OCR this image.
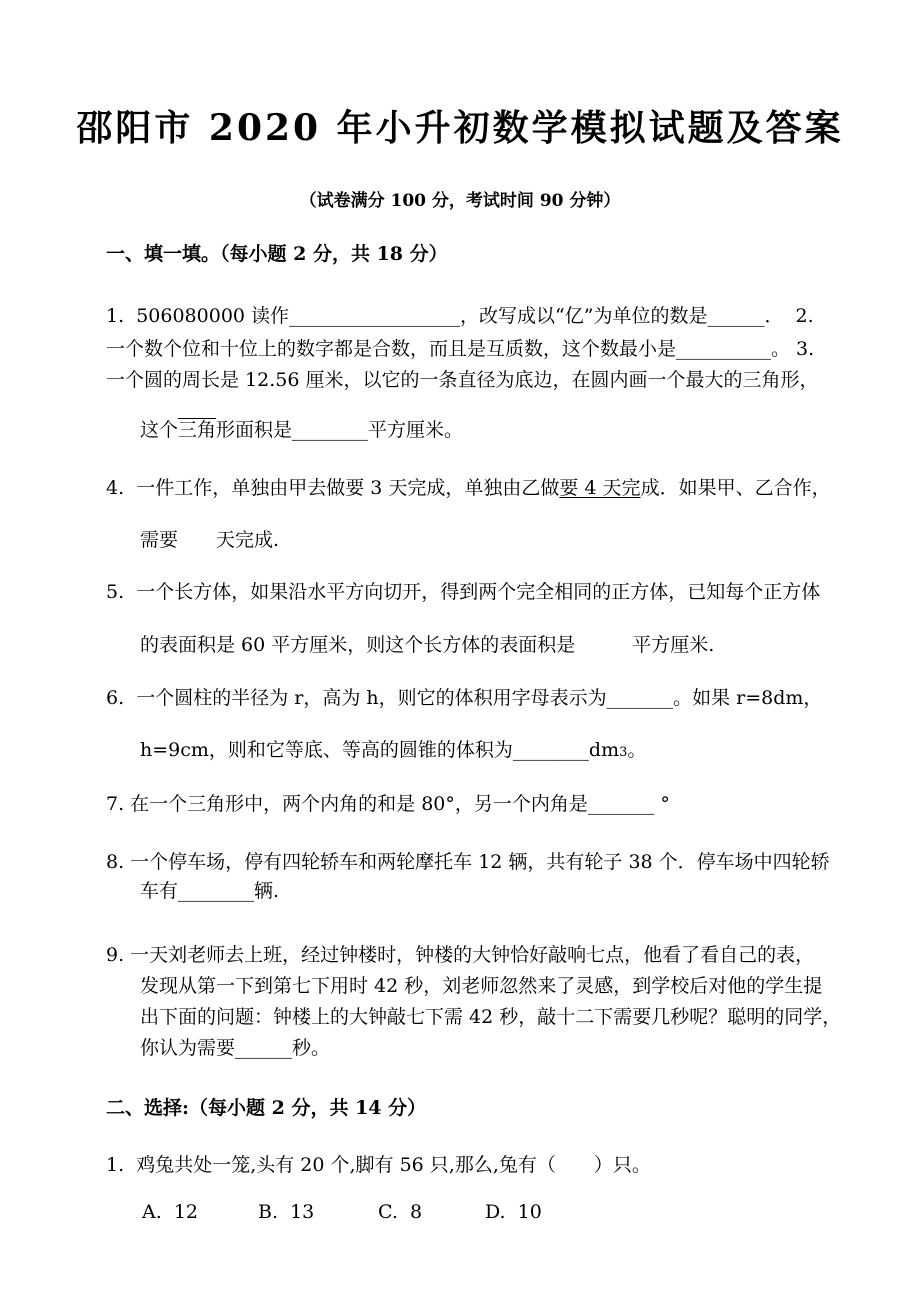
邵阳市 2020 年小升初数学模拟试题及答案
（试卷满分 100 分，考试时间 90 分钟）
一、填一填。（每小题 2 分，共 18 分）
1.  506080000 读作__________________，改写成以“亿”为单位的数是______．  2.
一个数个位和十位上的数字都是合数，而且是互质数，这个数最小是__________。 3.
一个圆的周长是 12.56 厘米，以它的一条直径为底边，在圆内画一个最大的三角形，
这个三角形面积是________平方厘米。
4.  一件工作，单独由甲去做要 3 天完成，单独由乙做要 4 天完成．如果甲、乙合作，
需要　　天完成.
5.  一个长方体，如果沿水平方向切开，得到两个完全相同的正方体，已知每个正方体
的表面积是 60 平方厘米，则这个长方体的表面积是　　　平方厘米.
6.  一个圆柱的半径为 r，高为 h，则它的体积用字母表示为_______。如果 r=8dm，
h=9cm，则和它等底、等高的圆锥的体积为________dm3。
7. 在一个三角形中，两个内角的和是 80°，另一个内角是_______ °
8. 一个停车场，停有四轮轿车和两轮摩托车 12 辆，共有轮子 38 个．停车场中四轮轿
车有________辆.
9. 一天刘老师去上班，经过钟楼时，钟楼的大钟恰好敲响七点，他看了看自己的表，
发现从第一下到第七下用时 42 秒，刘老师忽然来了灵感，到学校后对他的学生提
出下面的问题：钟楼上的大钟敲七下需 42 秒，敲十二下需要几秒呢？聪明的同学，
你认为需要______秒。
二、选择:（每小题 2 分，共 14 分）
1.  鸡兔共处一笼,头有 20 个,脚有 56 只,那么,兔有（　　）只。

A.  12

	B.  13

	C.  8

	D.  10
